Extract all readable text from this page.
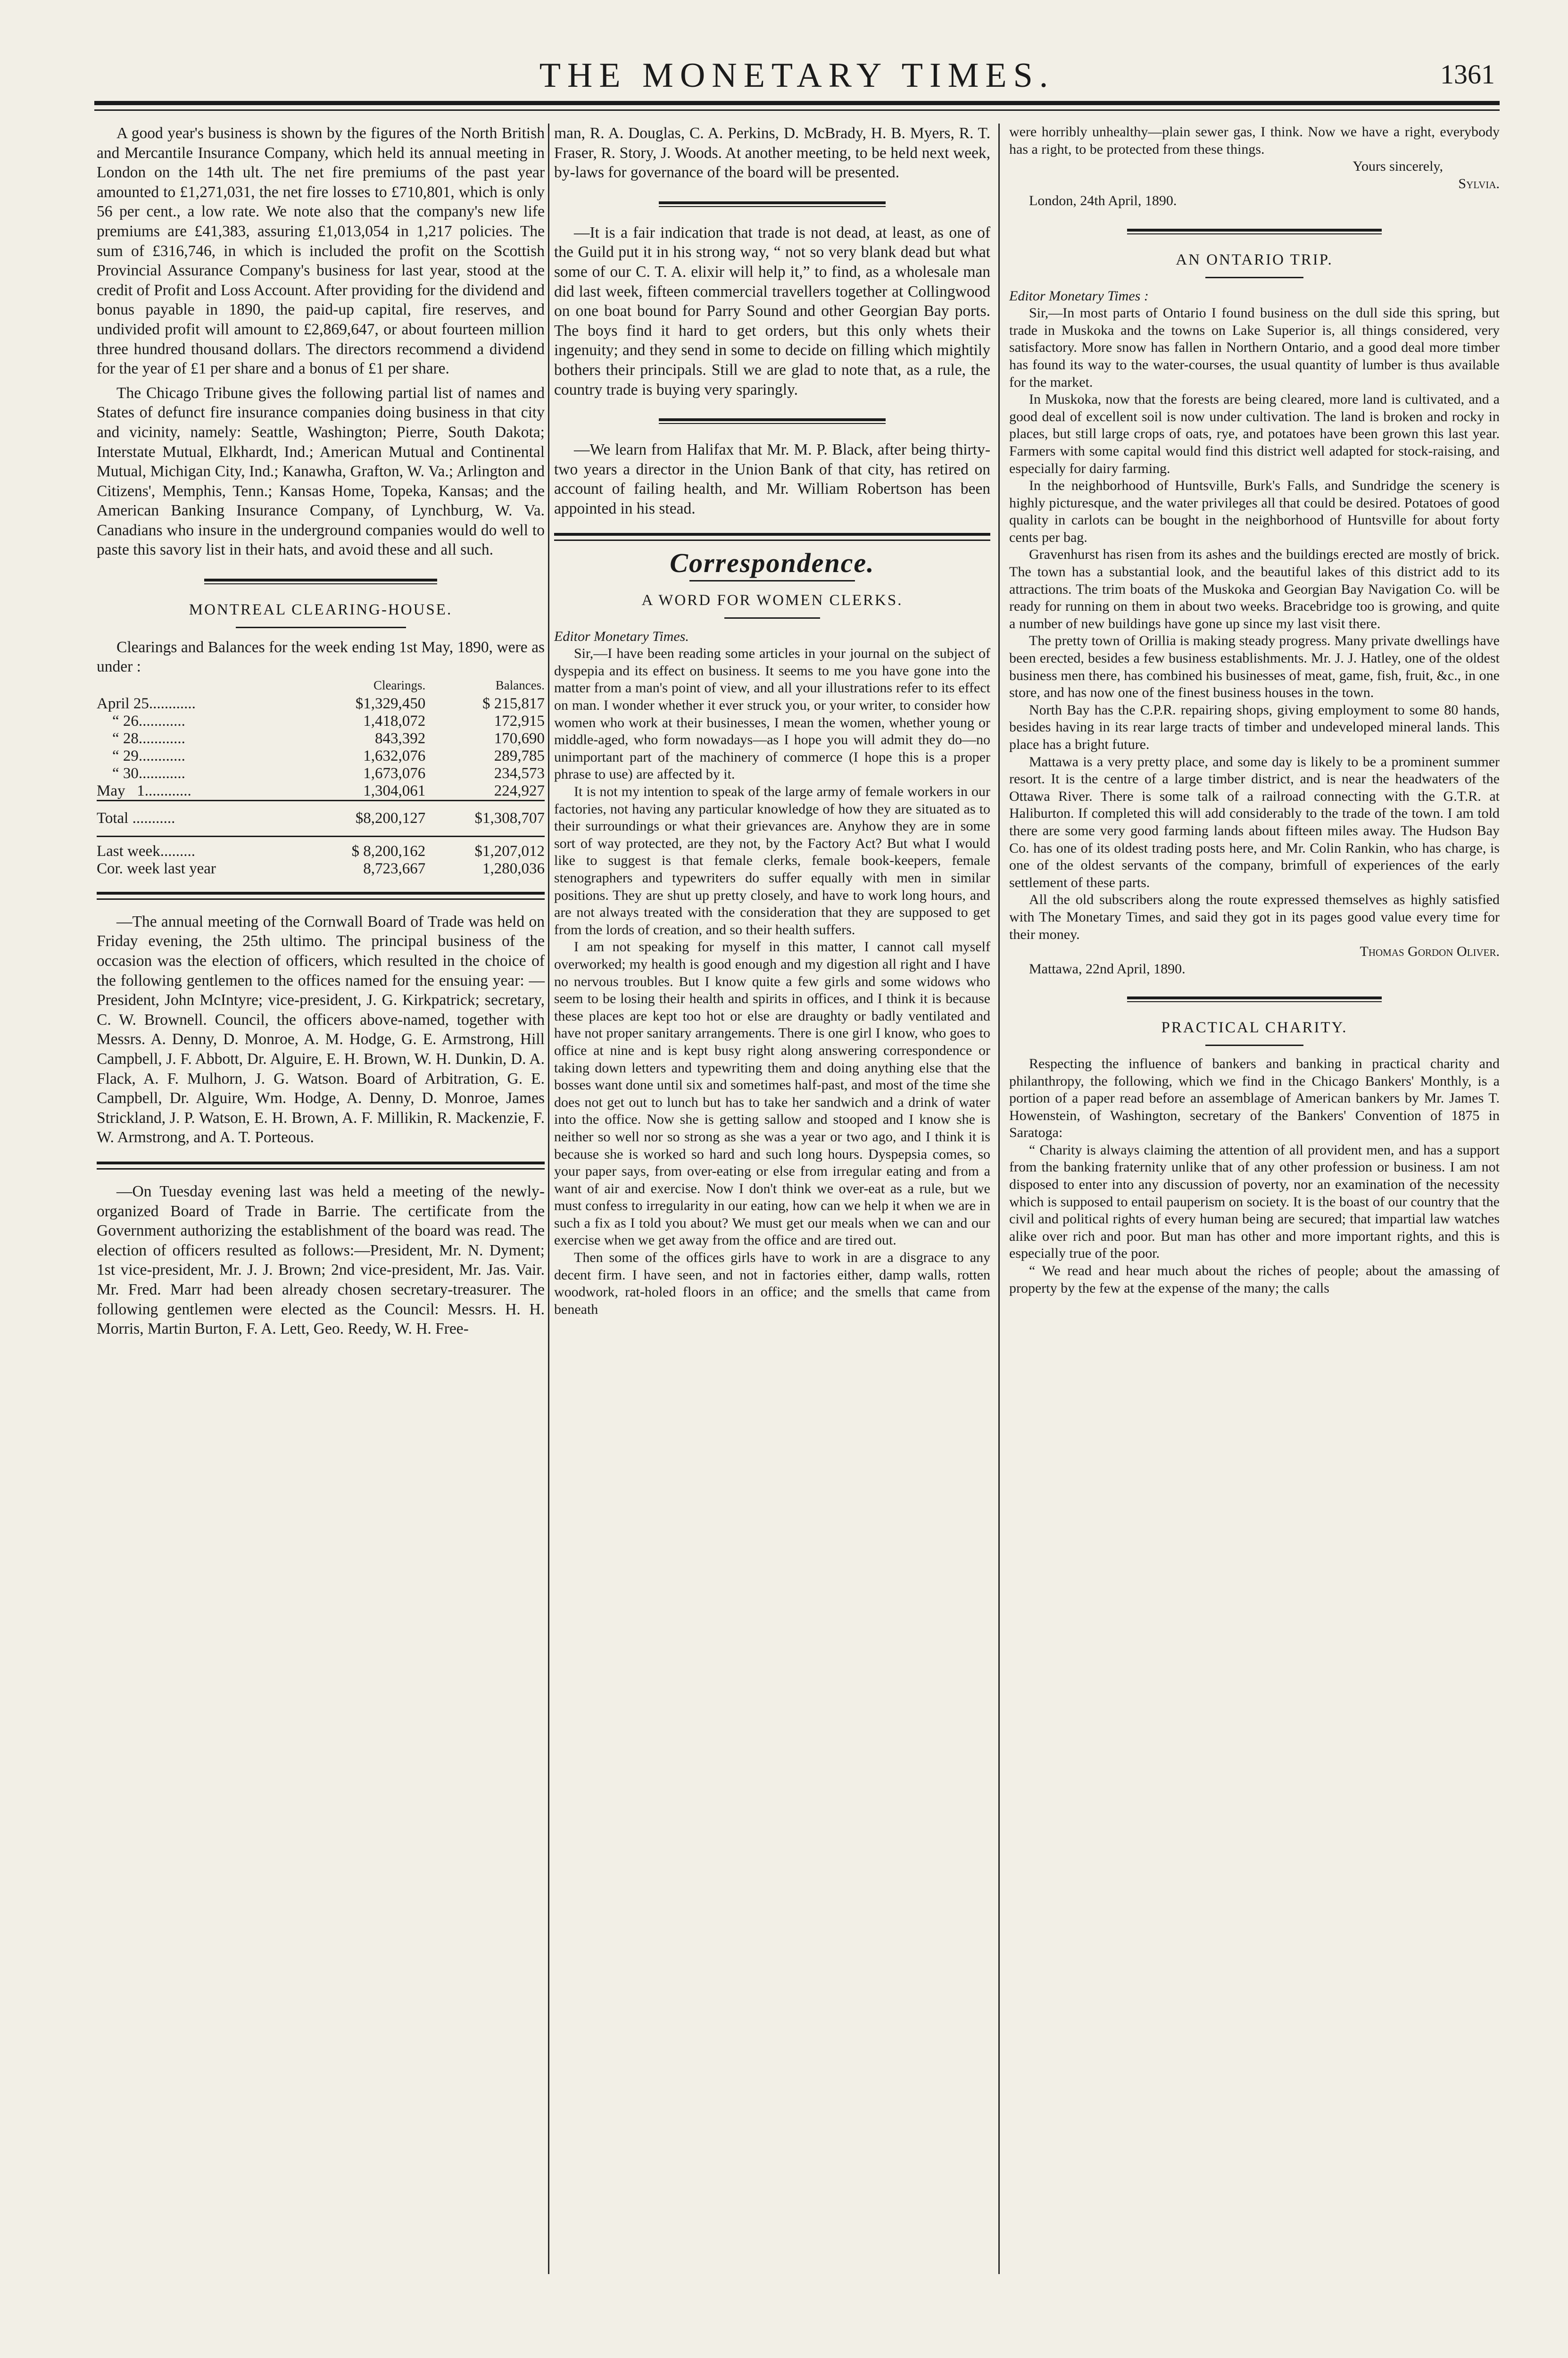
THE MONETARY TIMES.	1361

A good year's business is shown by the figures of the North British and Mercantile Insurance Company, which held its annual meeting in London on the 14th ult. The net fire premiums of the past year amounted to £1,271,031, the net fire losses to £710,801, which is only 56 per cent., a low rate. We note also that the company's new life premiums are £41,383, assuring £1,013,054 in 1,217 policies. The sum of £316,746, in which is included the profit on the Scottish Provincial Assurance Company's business for last year, stood at the credit of Profit and Loss Account. After providing for the dividend and bonus payable in 1890, the paid-up capital, fire reserves, and undivided profit will amount to £2,869,647, or about fourteen million three hundred thousand dollars. The directors recommend a dividend for the year of £1 per share and a bonus of £1 per share.

The Chicago Tribune gives the following partial list of names and States of defunct fire insurance companies doing business in that city and vicinity, namely: Seattle, Washington; Pierre, South Dakota; Interstate Mutual, Elkhardt, Ind.; American Mutual and Continental Mutual, Michigan City, Ind.; Kanawha, Grafton, W. Va.; Arlington and Citizens', Memphis, Tenn.; Kansas Home, Topeka, Kansas; and the American Banking Insurance Company, of Lynchburg, W. Va. Canadians who insure in the underground companies would do well to paste this savory list in their hats, and avoid these and all such.

MONTREAL CLEARING-HOUSE.

Clearings and Balances for the week ending 1st May, 1890, were as under :

	Clearings.	Balances.
April 25............	$1,329,450	$ 215,817
“ 26............	1,418,072	172,915
“ 28............	843,392	170,690
“ 29............	1,632,076	289,785
“ 30............	1,673,076	234,573
May   1............	1,304,061	224,927
Total ...........	$8,200,127	$1,308,707
Last week.........	$ 8,200,162	$1,207,012
Cor. week last year	8,723,667	1,280,036

—The annual meeting of the Cornwall Board of Trade was held on Friday evening, the 25th ultimo. The principal business of the occasion was the election of officers, which resulted in the choice of the following gentlemen to the offices named for the ensuing year: —President, John McIntyre; vice-president, J. G. Kirkpatrick; secretary, C. W. Brownell. Council, the officers above-named, together with Messrs. A. Denny, D. Monroe, A. M. Hodge, G. E. Armstrong, Hill Campbell, J. F. Abbott, Dr. Alguire, E. H. Brown, W. H. Dunkin, D. A. Flack, A. F. Mulhorn, J. G. Watson. Board of Arbitration, G. E. Campbell, Dr. Alguire, Wm. Hodge, A. Denny, D. Monroe, James Strickland, J. P. Watson, E. H. Brown, A. F. Millikin, R. Mackenzie, F. W. Armstrong, and A. T. Porteous.

—On Tuesday evening last was held a meeting of the newly-organized Board of Trade in Barrie. The certificate from the Government authorizing the establishment of the board was read. The election of officers resulted as follows:—President, Mr. N. Dyment; 1st vice-president, Mr. J. J. Brown; 2nd vice-president, Mr. Jas. Vair. Mr. Fred. Marr had been already chosen secretary-treasurer. The following gentlemen were elected as the Council: Messrs. H. H. Morris, Martin Burton, F. A. Lett, Geo. Reedy, W. H. Free-

man, R. A. Douglas, C. A. Perkins, D. McBrady, H. B. Myers, R. T. Fraser, R. Story, J. Woods. At another meeting, to be held next week, by-laws for governance of the board will be presented.

—It is a fair indication that trade is not dead, at least, as one of the Guild put it in his strong way, “ not so very blank dead but what some of our C. T. A. elixir will help it,” to find, as a wholesale man did last week, fifteen commercial travellers together at Collingwood on one boat bound for Parry Sound and other Georgian Bay ports. The boys find it hard to get orders, but this only whets their ingenuity; and they send in some to decide on filling which mightily bothers their principals. Still we are glad to note that, as a rule, the country trade is buying very sparingly.

—We learn from Halifax that Mr. M. P. Black, after being thirty-two years a director in the Union Bank of that city, has retired on account of failing health, and Mr. William Robertson has been appointed in his stead.

Correspondence.

A WORD FOR WOMEN CLERKS.

Editor Monetary Times.

Sir,—I have been reading some articles in your journal on the subject of dyspepia and its effect on business. It seems to me you have gone into the matter from a man's point of view, and all your illustrations refer to its effect on man. I wonder whether it ever struck you, or your writer, to consider how women who work at their businesses, I mean the women, whether young or middle-aged, who form nowadays—as I hope you will admit they do—no unimportant part of the machinery of commerce (I hope this is a proper phrase to use) are affected by it.

It is not my intention to speak of the large army of female workers in our factories, not having any particular knowledge of how they are situated as to their surroundings or what their grievances are. Anyhow they are in some sort of way protected, are they not, by the Factory Act? But what I would like to suggest is that female clerks, female book-keepers, female stenographers and typewriters do suffer equally with men in similar positions. They are shut up pretty closely, and have to work long hours, and are not always treated with the consideration that they are supposed to get from the lords of creation, and so their health suffers.

I am not speaking for myself in this matter, I cannot call myself overworked; my health is good enough and my digestion all right and I have no nervous troubles. But I know quite a few girls and some widows who seem to be losing their health and spirits in offices, and I think it is because these places are kept too hot or else are draughty or badly ventilated and have not proper sanitary arrangements. There is one girl I know, who goes to office at nine and is kept busy right along answering correspondence or taking down letters and typewriting them and doing anything else that the bosses want done until six and sometimes half-past, and most of the time she does not get out to lunch but has to take her sandwich and a drink of water into the office. Now she is getting sallow and stooped and I know she is neither so well nor so strong as she was a year or two ago, and I think it is because she is worked so hard and such long hours. Dyspepsia comes, so your paper says, from over-eating or else from irregular eating and from a want of air and exercise. Now I don't think we over-eat as a rule, but we must confess to irregularity in our eating, how can we help it when we are in such a fix as I told you about? We must get our meals when we can and our exercise when we get away from the office and are tired out.

Then some of the offices girls have to work in are a disgrace to any decent firm. I have seen, and not in factories either, damp walls, rotten woodwork, rat-holed floors in an office; and the smells that came from beneath

were horribly unhealthy—plain sewer gas, I think. Now we have a right, everybody has a right, to be protected from these things.

Yours sincerely,

Sylvia.

London, 24th April, 1890.

AN ONTARIO TRIP.

Editor Monetary Times :

Sir,—In most parts of Ontario I found business on the dull side this spring, but trade in Muskoka and the towns on Lake Superior is, all things considered, very satisfactory. More snow has fallen in Northern Ontario, and a good deal more timber has found its way to the water-courses, the usual quantity of lumber is thus available for the market.

In Muskoka, now that the forests are being cleared, more land is cultivated, and a good deal of excellent soil is now under cultivation. The land is broken and rocky in places, but still large crops of oats, rye, and potatoes have been grown this last year. Farmers with some capital would find this district well adapted for stock-raising, and especially for dairy farming.

In the neighborhood of Huntsville, Burk's Falls, and Sundridge the scenery is highly picturesque, and the water privileges all that could be desired. Potatoes of good quality in carlots can be bought in the neighborhood of Huntsville for about forty cents per bag.

Gravenhurst has risen from its ashes and the buildings erected are mostly of brick. The town has a substantial look, and the beautiful lakes of this district add to its attractions. The trim boats of the Muskoka and Georgian Bay Navigation Co. will be ready for running on them in about two weeks. Bracebridge too is growing, and quite a number of new buildings have gone up since my last visit there.

The pretty town of Orillia is making steady progress. Many private dwellings have been erected, besides a few business establishments. Mr. J. J. Hatley, one of the oldest business men there, has combined his businesses of meat, game, fish, fruit, &c., in one store, and has now one of the finest business houses in the town.

North Bay has the C.P.R. repairing shops, giving employment to some 80 hands, besides having in its rear large tracts of timber and undeveloped mineral lands. This place has a bright future.

Mattawa is a very pretty place, and some day is likely to be a prominent summer resort. It is the centre of a large timber district, and is near the headwaters of the Ottawa River. There is some talk of a railroad connecting with the G.T.R. at Haliburton. If completed this will add considerably to the trade of the town. I am told there are some very good farming lands about fifteen miles away. The Hudson Bay Co. has one of its oldest trading posts here, and Mr. Colin Rankin, who has charge, is one of the oldest servants of the company, brimfull of experiences of the early settlement of these parts.

All the old subscribers along the route expressed themselves as highly satisfied with The Monetary Times, and said they got in its pages good value every time for their money.

Thomas Gordon Oliver.

Mattawa, 22nd April, 1890.

PRACTICAL CHARITY.

Respecting the influence of bankers and banking in practical charity and philanthropy, the following, which we find in the Chicago Bankers' Monthly, is a portion of a paper read before an assemblage of American bankers by Mr. James T. Howenstein, of Washington, secretary of the Bankers' Convention of 1875 in Saratoga:

“ Charity is always claiming the attention of all provident men, and has a support from the banking fraternity unlike that of any other profession or business. I am not disposed to enter into any discussion of poverty, nor an examination of the necessity which is supposed to entail pauperism on society. It is the boast of our country that the civil and political rights of every human being are secured; that impartial law watches alike over rich and poor. But man has other and more important rights, and this is especially true of the poor.

“ We read and hear much about the riches of people; about the amassing of property by the few at the expense of the many; the calls
